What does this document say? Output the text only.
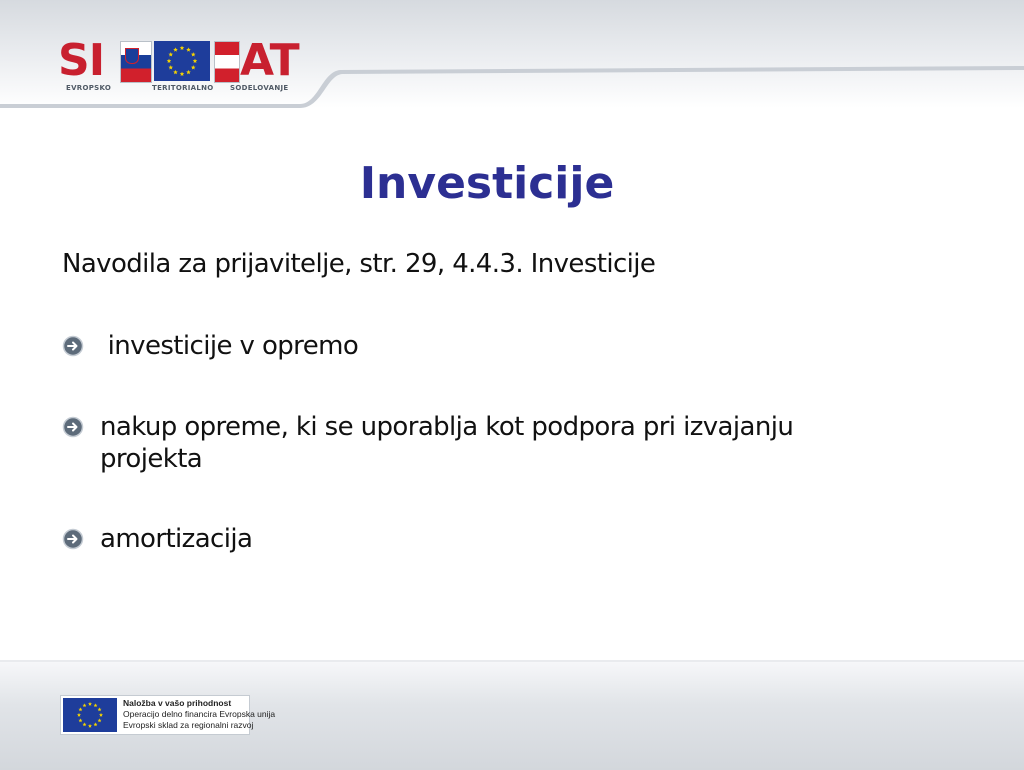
SI	AT
EVROPSKO	TERITORIALNO SODELOVANJE
Investicije

Navodila za prijavitelje, str. 29, 4.4.3. Investicije

investicije v opremo
nakup opreme, ki se uporablja kot podpora pri izvajanju projekta
amortizacija
Naložba v vašo prihodnost
Operacijo delno financira Evropska unija
Evropski sklad za regionalni razvoj
